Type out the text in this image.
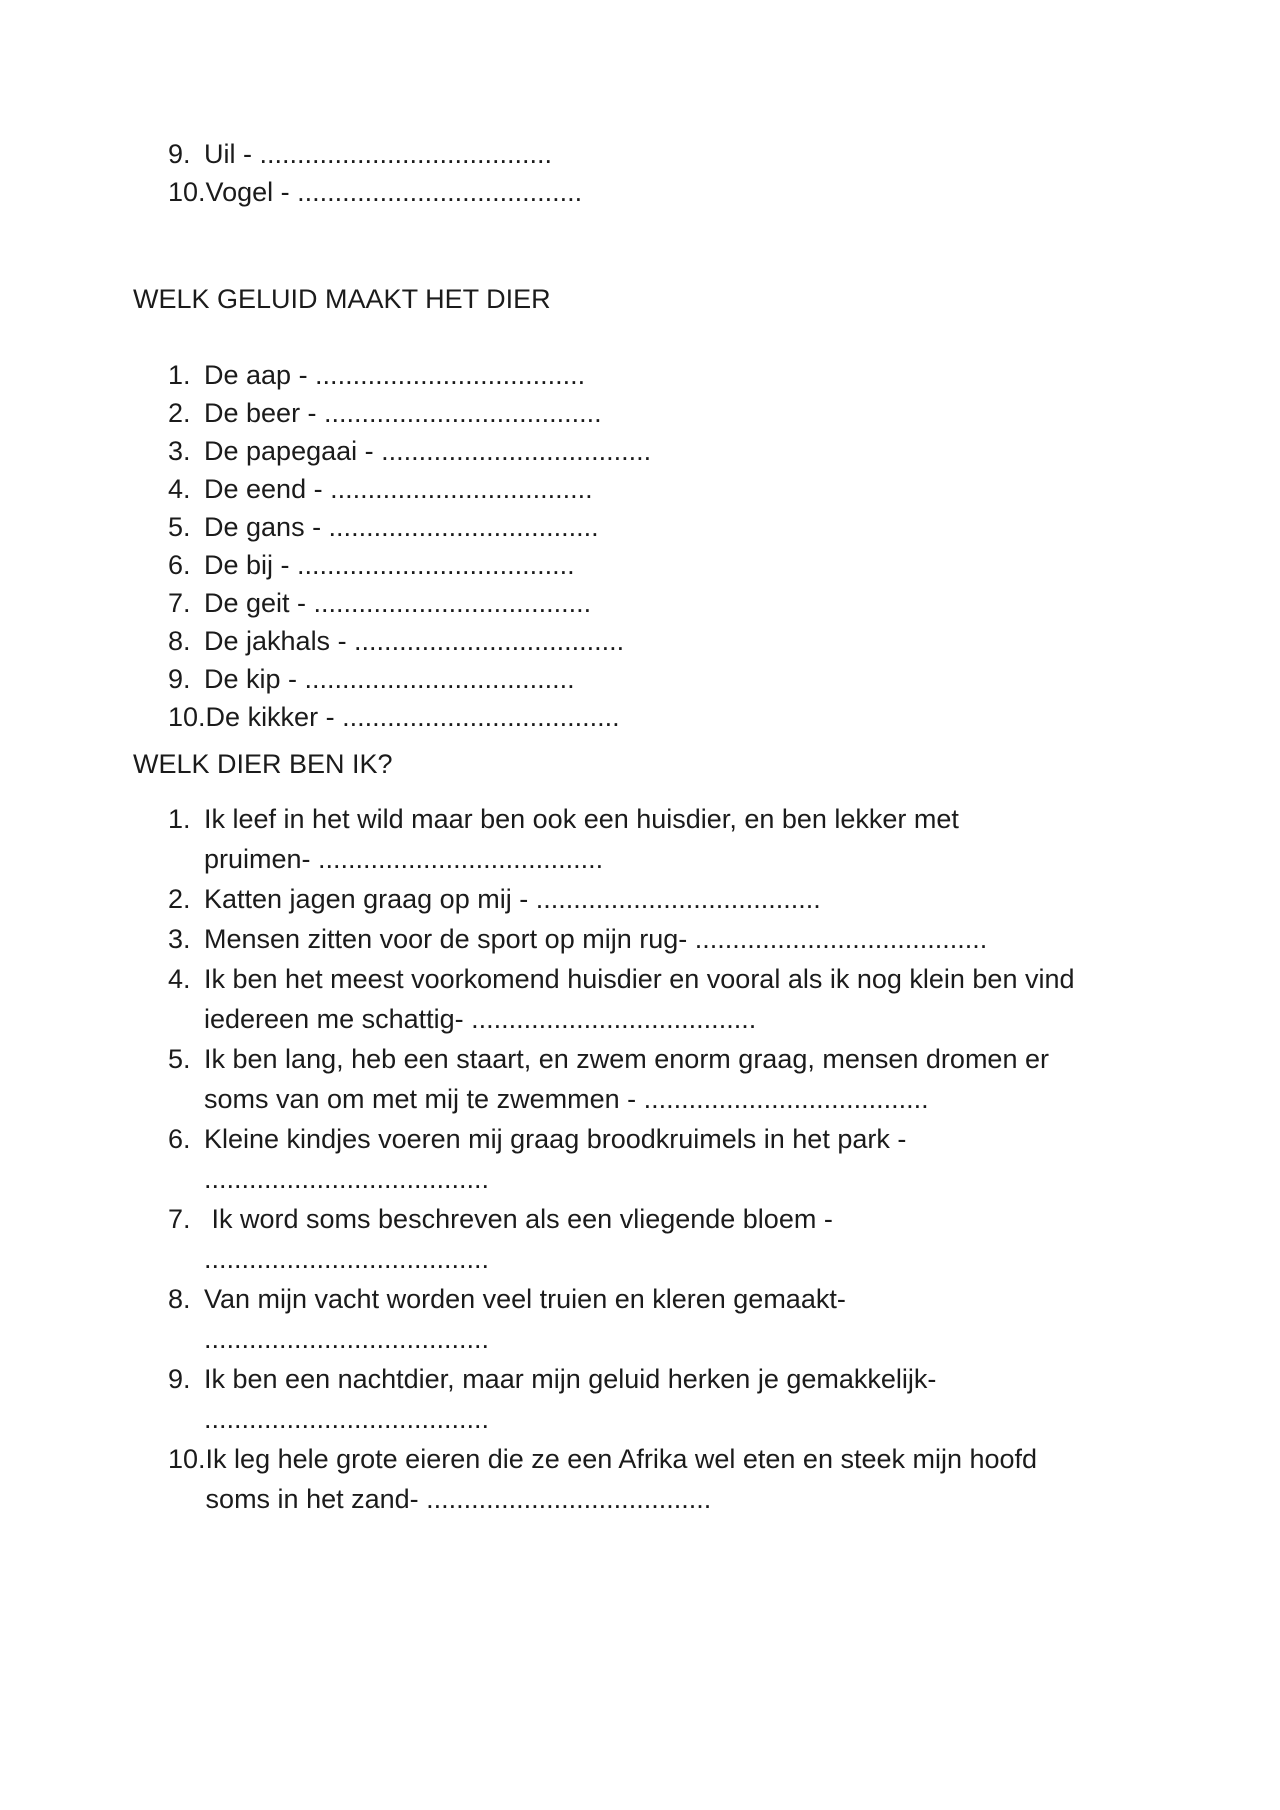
9. Uil - .......................................
10. Vogel - ......................................
WELK GELUID MAAKT HET DIER
1. De aap - ....................................
2. De beer - .....................................
3. De papegaai - ....................................
4. De eend - ...................................
5. De gans - ....................................
6. De bij - .....................................
7. De geit - .....................................
8. De jakhals - ....................................
9. De kip - ....................................
10. De kikker - .....................................
WELK DIER BEN IK?
1. Ik leef in het wild maar ben ook een huisdier, en ben lekker met
pruimen- ......................................
2. Katten jagen graag op mij - ......................................
3. Mensen zitten voor de sport op mijn rug- .......................................
4. Ik ben het meest voorkomend huisdier en vooral als ik nog klein ben vind
iedereen me schattig- ......................................
5. Ik ben lang, heb een staart, en zwem enorm graag, mensen dromen er
soms van om met mij te zwemmen - ......................................
6. Kleine kindjes voeren mij graag broodkruimels in het park -
......................................
7. Ik word soms beschreven als een vliegende bloem -
......................................
8. Van mijn vacht worden veel truien en kleren gemaakt-
......................................
9. Ik ben een nachtdier, maar mijn geluid herken je gemakkelijk-
......................................
10. Ik leg hele grote eieren die ze een Afrika wel eten en steek mijn hoofd
soms in het zand- ......................................
